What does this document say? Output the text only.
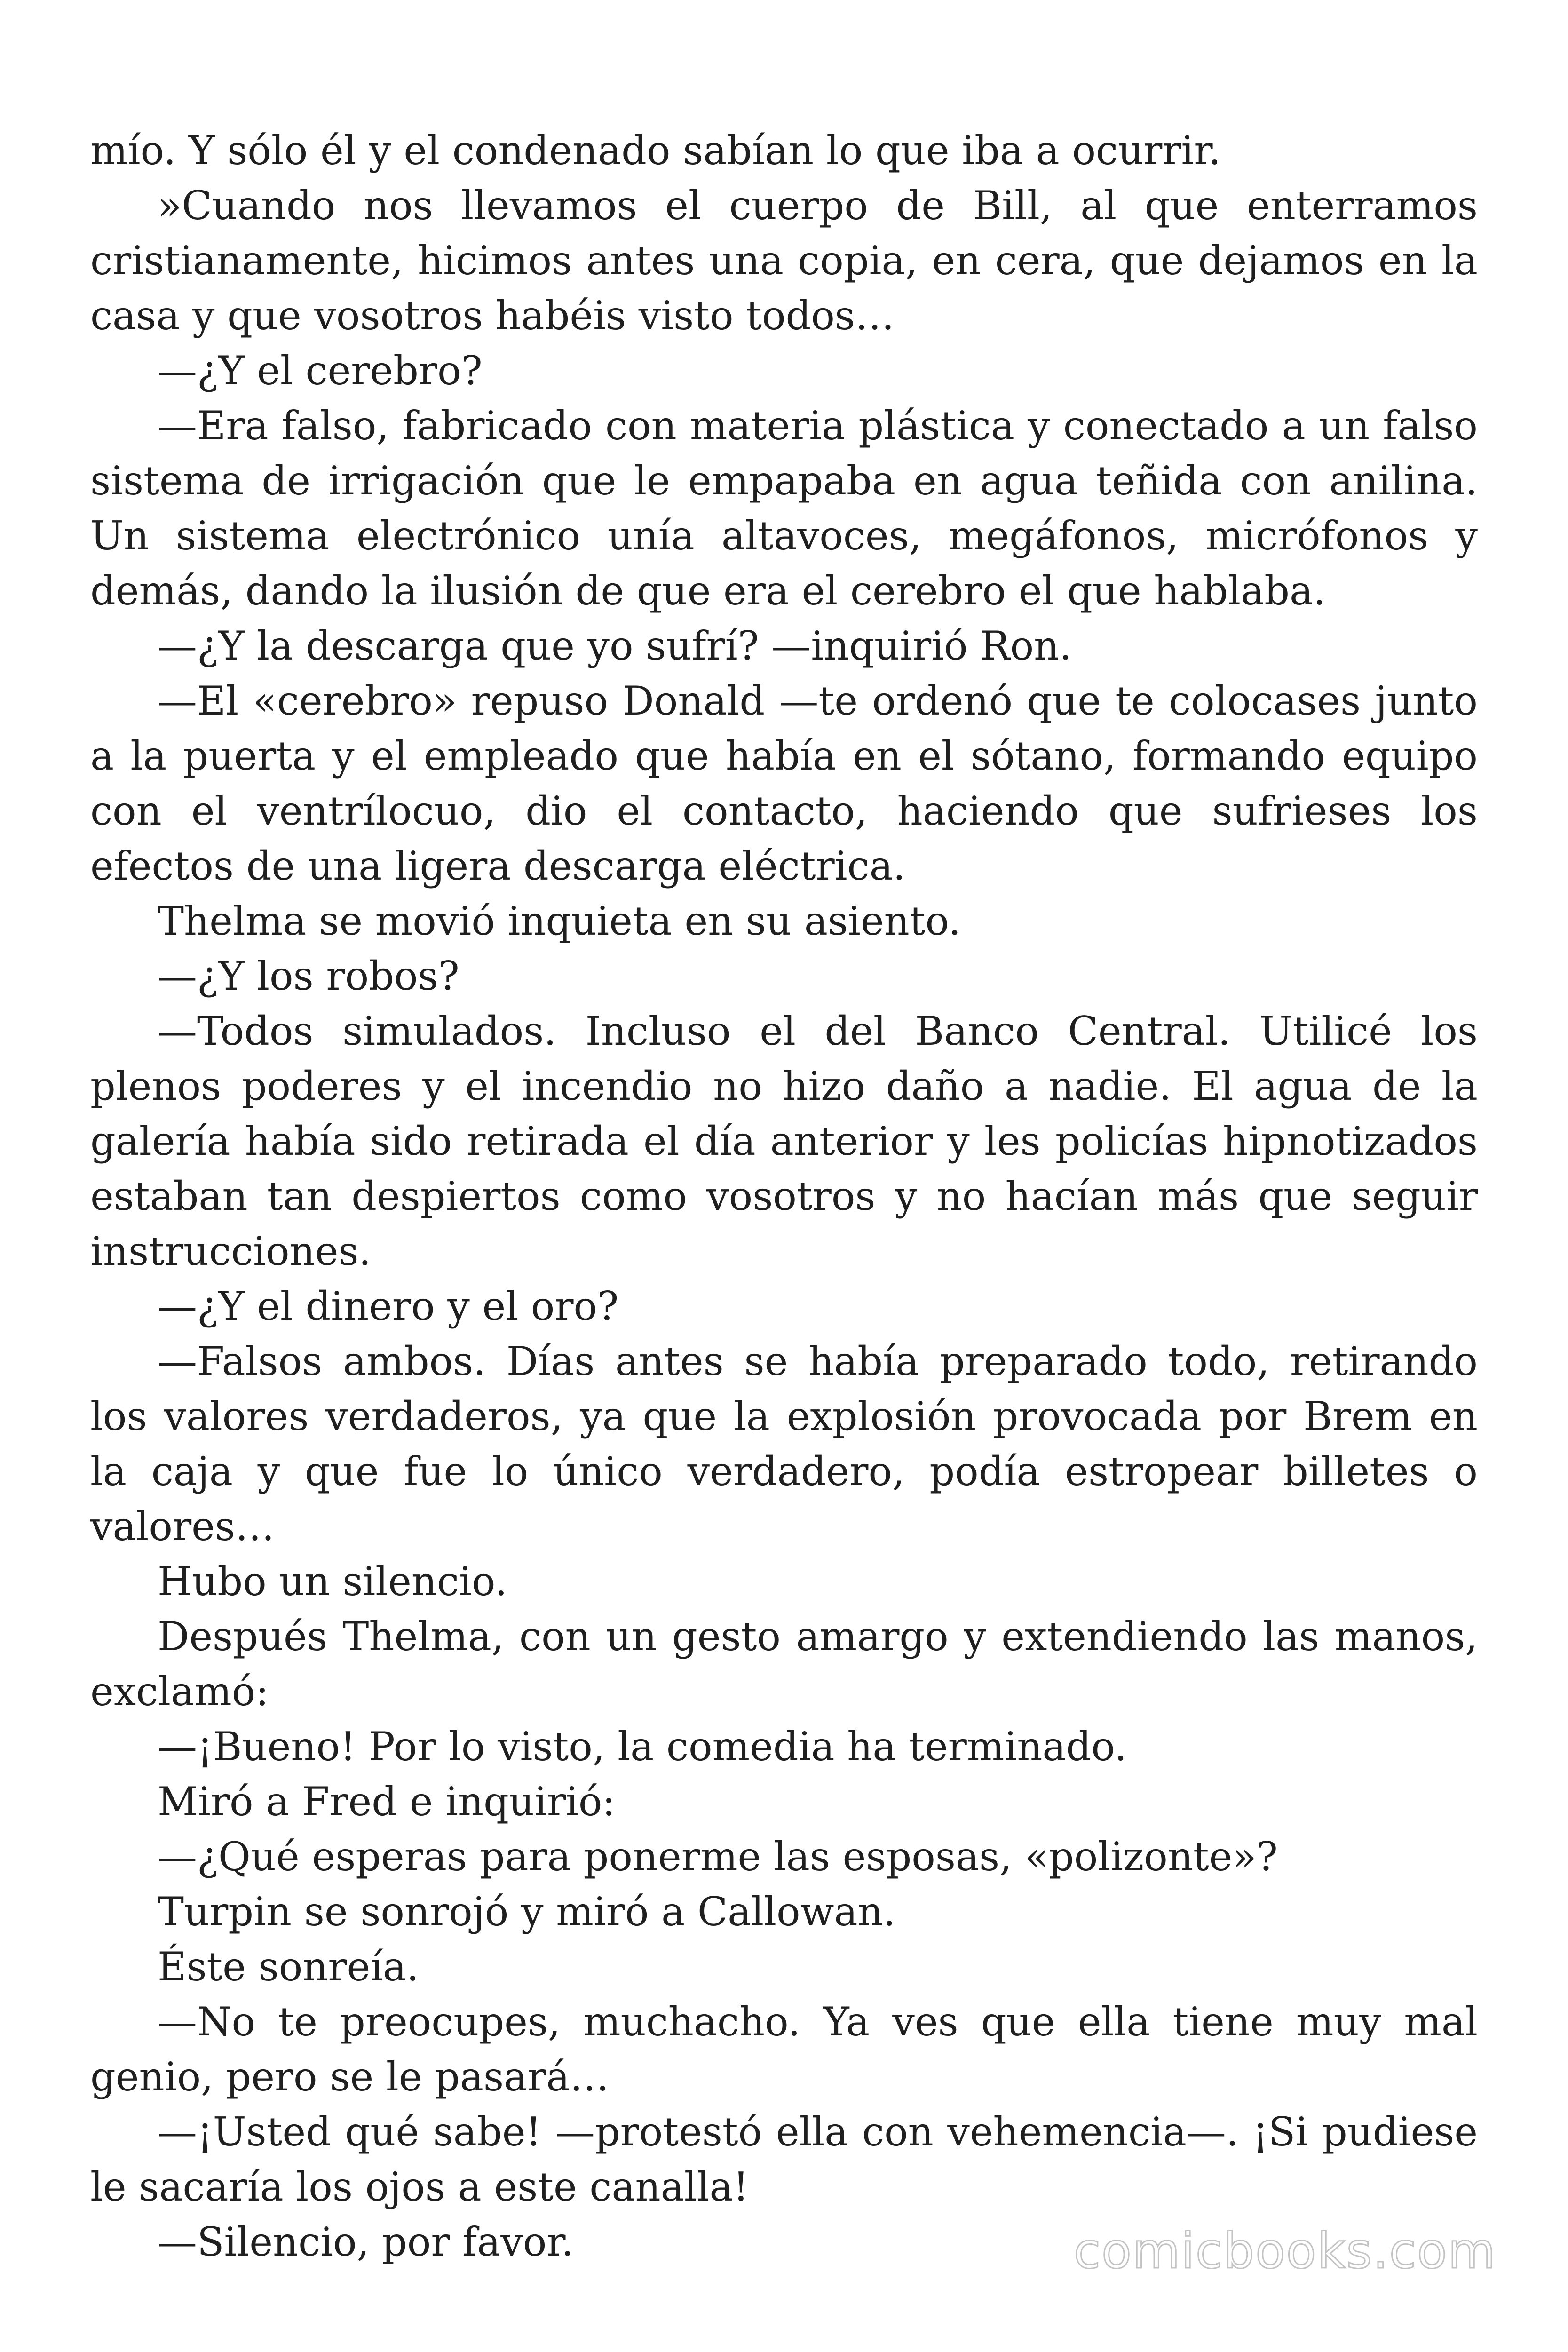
mío. Y sólo él y el condenado sabían lo que iba a ocurrir.

»Cuando nos llevamos el cuerpo de Bill, al que enterramos cristianamente, hicimos antes una copia, en cera, que dejamos en la casa y que vosotros habéis visto todos…

—¿Y el cerebro?

—Era falso, fabricado con materia plástica y conectado a un falso sistema de irrigación que le empapaba en agua teñida con anilina. Un sistema electrónico unía altavoces, megáfonos, micrófonos y demás, dando la ilusión de que era el cerebro el que hablaba.

—¿Y la descarga que yo sufrí? —inquirió Ron.

—El «cerebro» repuso Donald —te ordenó que te colocases junto a la puerta y el empleado que había en el sótano, formando equipo con el ventrílocuo, dio el contacto, haciendo que sufrieses los efectos de una ligera descarga eléctrica.

Thelma se movió inquieta en su asiento.

—¿Y los robos?

—Todos simulados. Incluso el del Banco Central. Utilicé los plenos poderes y el incendio no hizo daño a nadie. El agua de la galería había sido retirada el día anterior y les policías hipnotizados estaban tan despiertos como vosotros y no hacían más que seguir instrucciones.

—¿Y el dinero y el oro?

—Falsos ambos. Días antes se había preparado todo, retirando los valores verdaderos, ya que la explosión provocada por Brem en la caja y que fue lo único verdadero, podía estropear billetes o valores…

Hubo un silencio.

Después Thelma, con un gesto amargo y extendiendo las manos, exclamó:

—¡Bueno! Por lo visto, la comedia ha terminado.

Miró a Fred e inquirió:

—¿Qué esperas para ponerme las esposas, «polizonte»?

Turpin se sonrojó y miró a Callowan.

Éste sonreía.

—No te preocupes, muchacho. Ya ves que ella tiene muy mal genio, pero se le pasará…

—¡Usted qué sabe! —protestó ella con vehemencia—. ¡Si pudiese le sacaría los ojos a este canalla!

—Silencio, por favor.	comicbooks.com
